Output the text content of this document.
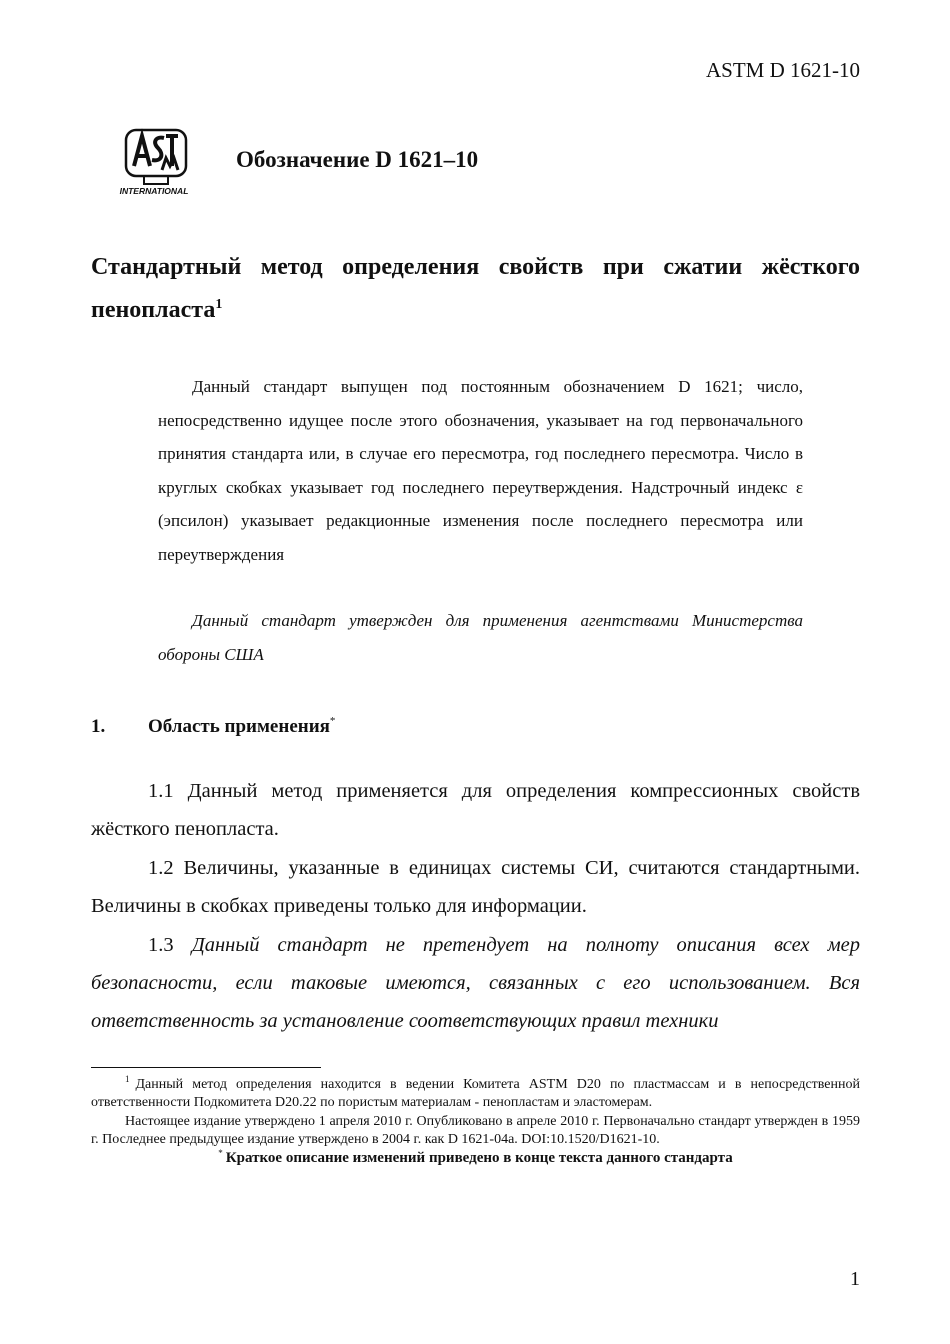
ASTM D 1621-10
INTERNATIONAL
Обозначение D 1621–10
Стандартный метод определения свойств при сжатии жёсткого пенопласта$^1$
Данный стандарт выпущен под постоянным обозначением D 1621; число, непосредственно идущее после этого обозначения, указывает на год первоначального принятия стандарта или, в случае его пересмотра, год последнего пересмотра. Число в круглых скобках указывает год последнего переутверждения. Надстрочный индекс ε (эпсилон) указывает редакционные изменения после последнего пересмотра или переутверждения
Данный стандарт утвержден для применения агентствами Министерства обороны США
1. Область применения*

1.1 Данный метод применяется для определения компрессионных свойств жёсткого пенопласта.

1.2 Величины, указанные в единицах системы СИ, считаются стандартными. Величины в скобках приведены только для информации.

1.3 Данный стандарт не претендует на полноту описания всех мер безопасности, если таковые имеются, связанных с его использованием. Вся ответственность за установление соответствующих правил техники

$^1$ Данный метод определения находится в ведении Комитета ASTM D20 по пластмассам и в непосредственной ответственности Подкомитета D20.22 по пористым материалам - пенопластам и эластомерам.

Настоящее издание утверждено 1 апреля 2010 г. Опубликовано в апреле 2010 г. Первоначально стандарт утвержден в 1959 г. Последнее предыдущее издание утверждено в 2004 г. как D 1621-04a. DOI:10.1520/D1621-10.

* Краткое описание изменений приведено в конце текста данного стандарта

1
